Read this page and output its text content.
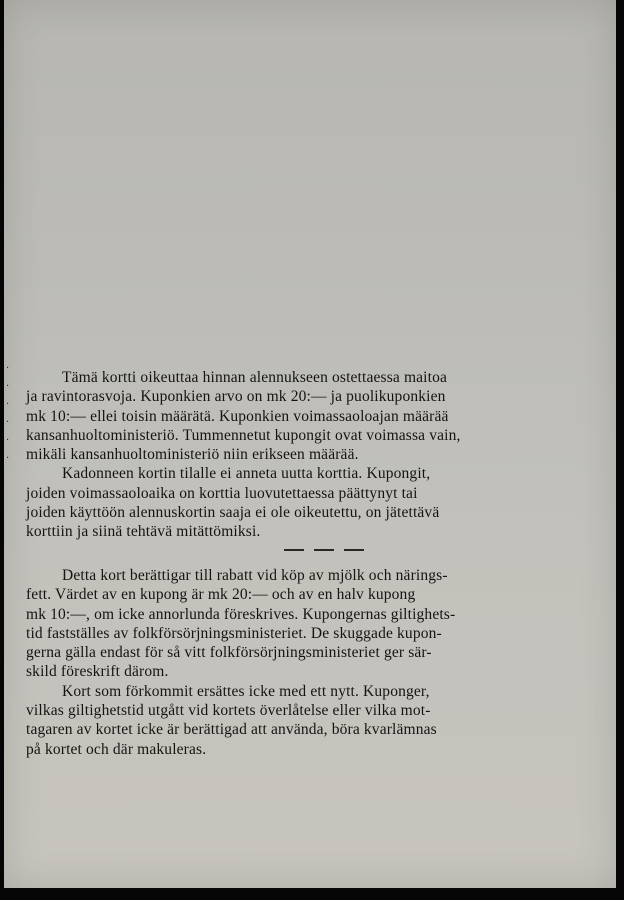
·
·
·
·
·
·

Tämä kortti oikeuttaa hinnan alennukseen ostettaessa maitoa
ja ravintorasvoja. Kuponkien arvo on mk 20:— ja puolikuponkien
mk 10:— ellei toisin määrätä. Kuponkien voimassaoloajan määrää
kansanhuoltoministeriö. Tummennetut kupongit ovat voimassa vain,
mikäli kansanhuoltoministeriö niin erikseen määrää.

Kadonneen kortin tilalle ei anneta uutta korttia. Kupongit,
joiden voimassaoloaika on korttia luovutettaessa päättynyt tai
joiden käyttöön alennuskortin saaja ei ole oikeutettu, on jätettävä
korttiin ja siinä tehtävä mitättömiksi.

Detta kort berättigar till rabatt vid köp av mjölk och närings-
fett. Värdet av en kupong är mk 20:— och av en halv kupong
mk 10:—, om icke annorlunda föreskrives. Kupongernas giltighets-
tid fastställes av folkförsörjningsministeriet. De skuggade kupon-
gerna gälla endast för så vitt folkförsörjningsministeriet ger sär-
skild föreskrift därom.

Kort som förkommit ersättes icke med ett nytt. Kuponger,
vilkas giltighetstid utgått vid kortets överlåtelse eller vilka mot-
tagaren av kortet icke är berättigad att använda, böra kvarlämnas
på kortet och där makuleras.
